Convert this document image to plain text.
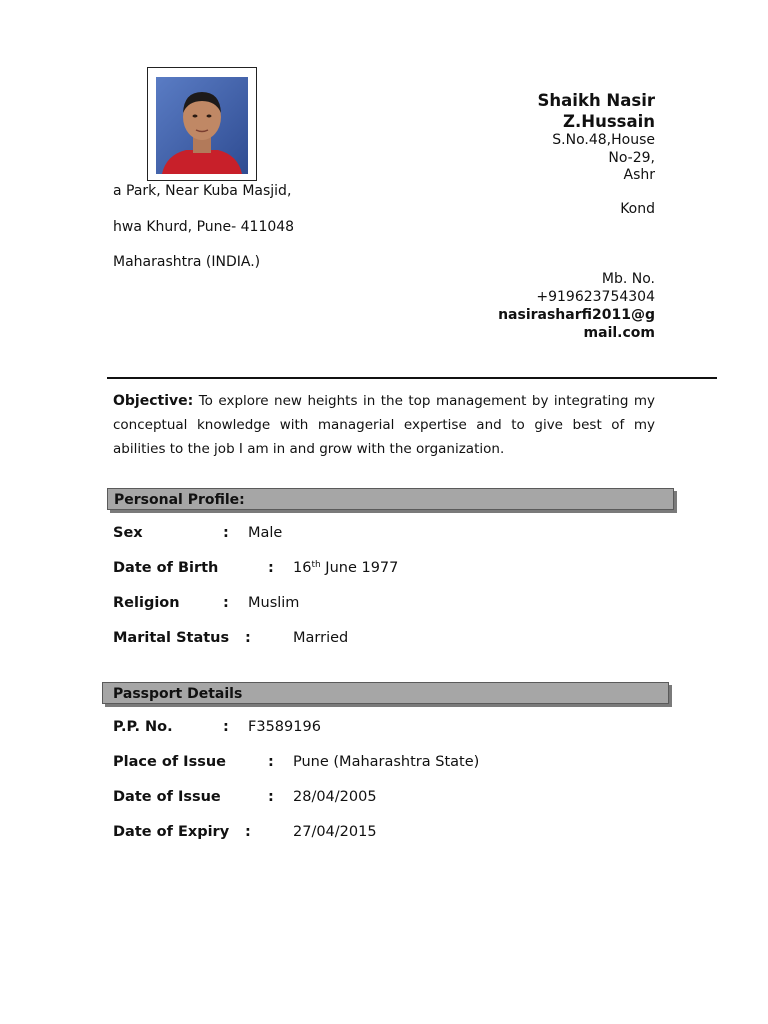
Shaikh Nasir
Z.Hussain
S.No.48,House
No-29,
Ashr
Kond
a Park, Near Kuba Masjid,
hwa Khurd, Pune- 411048
Maharashtra (INDIA.)
Mb. No.
+919623754304
nasirasharfi2011@g
mail.com
Objective: To explore new heights in the top management by integrating my conceptual knowledge with managerial expertise and to give best of my abilities to the job I am in and grow with the organization.
Personal Profile:
Sex	: Male
Date of Birth	: 16th June 1977
Religion	: Muslim
Marital Status :	Married
Passport Details
P.P. No.	: F3589196
Place of Issue	: Pune (Maharashtra State)
Date of Issue	: 28/04/2005
Date of Expiry :	27/04/2015
